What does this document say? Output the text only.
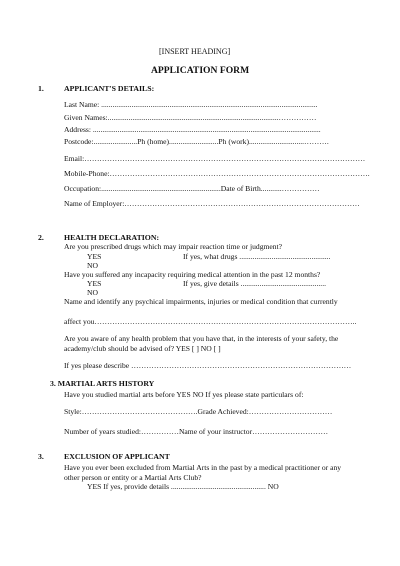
[INSERT HEADING]
APPLICATION FORM
1.	APPLICANT'S DETAILS:
Last Name: ..................................................................................................................
Given Names:..........................................................................................……………
Address: ........................................................................................................................
Postcode:.......................Ph (home)..........................Ph (work).............................……….
Email:…………………………………………………………………………………………………
Mobile-Phone:………………………………………………………………………………………….
Occupation:...............................................................Date of Birth...........……………
Name of Employer:…………………………………………………………………………………
2.	HEALTH DECLARATION:
Are you prescribed drugs which may impair reaction time or judgment?
YES	If yes, what drugs ................................................
NO
Have you suffered any incapacity requiring medical attention in the past 12 months?
YES	If yes, give details .............................................
NO
Name and identify any psychical impairments, injuries or medical condition that currently
affect you…………………………………………………………………………………………..
Are you aware of any health problem that you have that, in the interests of your safety, the
academy/club should be advised of? YES [ ] NO [ ]
If yes please describe ……………………………………………………………………………
3. MARTIAL ARTS HISTORY
Have you studied martial arts before YES NO If yes please state particulars of:
Style:……………………………………….Grade Achieved:……………………………
Number of years studied:……………Name of your instructor…………………………
3.	EXCLUSION OF APPLICANT
Have you ever been excluded from Martial Arts in the past by a medical practitioner or any
other person or entity or a Martial Arts Club?
YES If yes, provide details .................................................. NO
